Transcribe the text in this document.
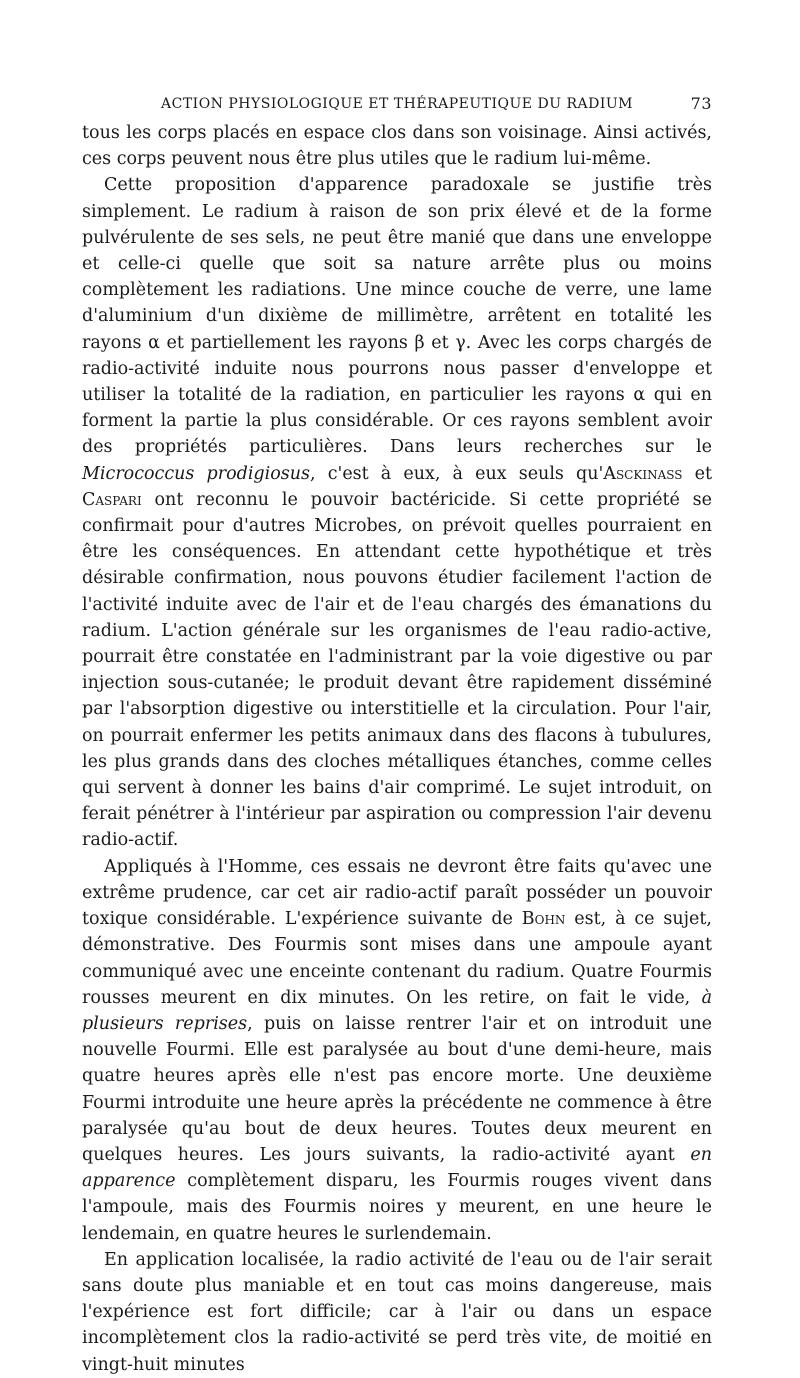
ACTION PHYSIOLOGIQUE ET THÉRAPEUTIQUE DU RADIUM	73

tous les corps placés en espace clos dans son voisinage. Ainsi activés, ces corps peuvent nous être plus utiles que le radium lui-même.

Cette proposition d'apparence paradoxale se justifie très simplement. Le radium à raison de son prix élevé et de la forme pulvérulente de ses sels, ne peut être manié que dans une enveloppe et celle-ci quelle que soit sa nature arrête plus ou moins complètement les radiations. Une mince couche de verre, une lame d'aluminium d'un dixième de millimètre, arrêtent en totalité les rayons α et partiellement les rayons β et γ. Avec les corps chargés de radio-activité induite nous pourrons nous passer d'enveloppe et utiliser la totalité de la radiation, en particulier les rayons α qui en forment la partie la plus considérable. Or ces rayons semblent avoir des propriétés particulières. Dans leurs recherches sur le Micrococcus prodigiosus, c'est à eux, à eux seuls qu'Asckinass et Caspari ont reconnu le pouvoir bactéricide. Si cette propriété se confirmait pour d'autres Microbes, on prévoit quelles pourraient en être les conséquences. En attendant cette hypothétique et très désirable confirmation, nous pouvons étudier facilement l'action de l'activité induite avec de l'air et de l'eau chargés des émanations du radium. L'action générale sur les organismes de l'eau radio-active, pourrait être constatée en l'administrant par la voie digestive ou par injection sous-cutanée; le produit devant être rapidement disséminé par l'absorption digestive ou interstitielle et la circulation. Pour l'air, on pourrait enfermer les petits animaux dans des flacons à tubulures, les plus grands dans des cloches métalliques étanches, comme celles qui servent à donner les bains d'air comprimé. Le sujet introduit, on ferait pénétrer à l'intérieur par aspiration ou compression l'air devenu radio-actif.

Appliqués à l'Homme, ces essais ne devront être faits qu'avec une extrême prudence, car cet air radio-actif paraît posséder un pouvoir toxique considérable. L'expérience suivante de Bohn est, à ce sujet, démonstrative. Des Fourmis sont mises dans une ampoule ayant communiqué avec une enceinte contenant du radium. Quatre Fourmis rousses meurent en dix minutes. On les retire, on fait le vide, à plusieurs reprises, puis on laisse rentrer l'air et on introduit une nouvelle Fourmi. Elle est paralysée au bout d'une demi-heure, mais quatre heures après elle n'est pas encore morte. Une deuxième Fourmi introduite une heure après la précédente ne commence à être paralysée qu'au bout de deux heures. Toutes deux meurent en quelques heures. Les jours suivants, la radio-activité ayant en apparence complètement disparu, les Fourmis rouges vivent dans l'ampoule, mais des Fourmis noires y meurent, en une heure le lendemain, en quatre heures le surlendemain.

En application localisée, la radio activité de l'eau ou de l'air serait sans doute plus maniable et en tout cas moins dangereuse, mais l'expérience est fort difficile; car à l'air ou dans un espace incomplètement clos la radio-activité se perd très vite, de moitié en vingt-huit minutes
